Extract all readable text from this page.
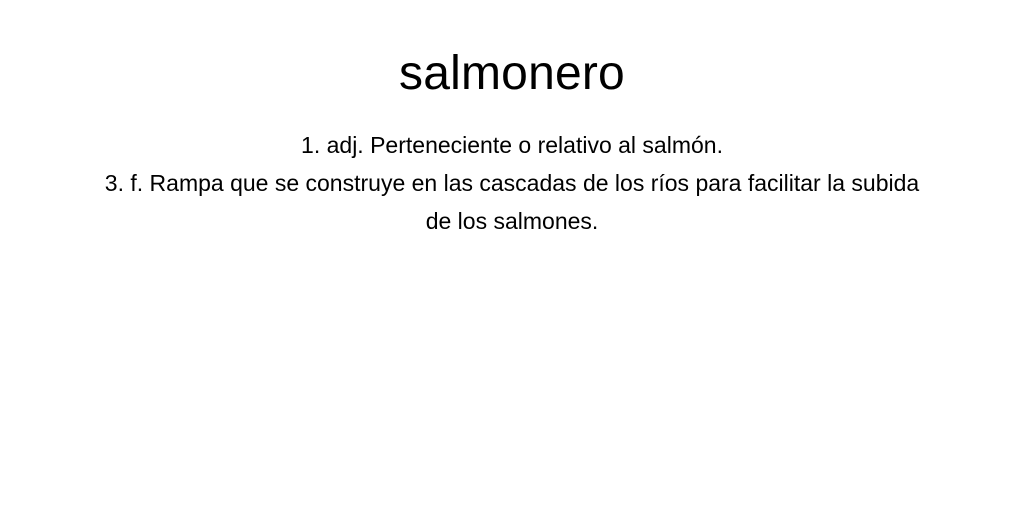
salmonero
1. adj. Perteneciente o relativo al salmón.
3. f. Rampa que se construye en las cascadas de los ríos para facilitar la subida de los salmones.
